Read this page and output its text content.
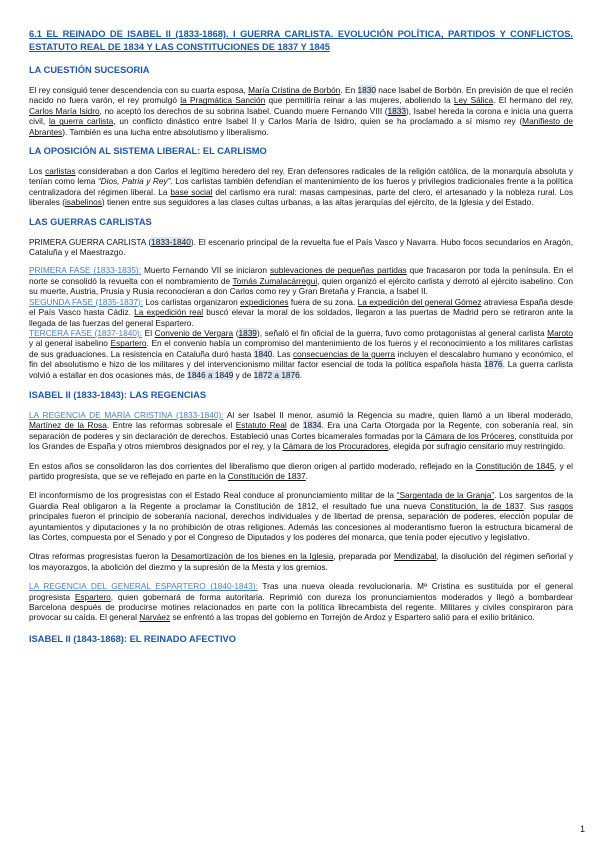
6.1 EL REINADO DE ISABEL II (1833-1868). I GUERRA CARLISTA. EVOLUCIÓN POLÍTICA, PARTIDOS Y CONFLICTOS. ESTATUTO REAL DE 1834 Y LAS CONSTITUCIONES DE 1837 Y 1845

LA CUESTIÓN SUCESORIA

El rey consiguió tener descendencia con su cuarta esposa, María Cristina de Borbón. En 1830 nace Isabel de Borbón. En previsión de que el recién nacido no fuera varón, el rey promulgó la Pragmática Sanción que permitiría reinar a las mujeres, aboliendo la Ley Sálica. El hermano del rey, Carlos María Isidro, no aceptó los derechos de su sobrina Isabel. Cuando muere Fernando VIII (1833), Isabel hereda la corona e inicia una guerra civil, la guerra carlista, un conflicto dinástico entre Isabel II y Carlos María de Isidro, quien se ha proclamado a sí mismo rey (Manifiesto de Abrantes). También es una lucha entre absolutismo y liberalismo.

LA OPOSICIÓN AL SISTEMA LIBERAL: EL CARLISMO

Los carlistas consideraban a don Carlos el legítimo heredero del rey. Eran defensores radicales de la religión católica, de la monarquía absoluta y tenían como lema “Dios, Patria y Rey”. Los carlistas también defendían el mantenimiento de los fueros y privilegios tradicionales frente a la política centralizadora del régimen liberal. La base social del carlismo era rural: masas campesinas, parte del clero, el artesanado y la nobleza rural. Los liberales (isabelinos) tienen entre sus seguidores a las clases cultas urbanas, a las altas jerarquías del ejército, de la Iglesia y del Estado.

LAS GUERRAS CARLISTAS

PRIMERA GUERRA CARLISTA (1833-1840). El escenario principal de la revuelta fue el País Vasco y Navarra. Hubo focos secundarios en Aragón, Cataluña y el Maestrazgo.

PRIMERA FASE (1833-1835): Muerto Fernando VII se iniciaron sublevaciones de pequeñas partidas que fracasaron por toda la península. En el norte se consolidó la revuelta con el nombramiento de Tomás Zumalacárregui, quien organizó el ejército carlista y derrotó al ejército isabelino. Con su muerte, Austria, Prusia y Rusia reconocieran a don Carlos como rey y Gran Bretaña y Francia, a Isabel II.
SEGUNDA FASE (1835-1837): Los carlistas organizaron expediciones fuera de su zona. La expedición del general Gómez atraviesa España desde el País Vasco hasta Cádiz. La expedición real buscó elevar la moral de los soldados, llegaron a las puertas de Madrid pero se retiraron ante la llegada de las fuerzas del general Espartero.
TERCERA FASE (1837-1840): El Convenio de Vergara (1839), señaló el fin oficial de la guerra, fuvo como protagonistas al general carlista Maroto y al general isabelino Espartero. En el convenio había un compromiso del mantenimiento de los fueros y el reconocimiento a los militares carlistas de sus graduaciones. La resistencia en Cataluña duró hasta 1840. Las consecuencias de la guerra incluyen el descalabro humano y económico, el fin del absolutismo e hizo de los militares y del intervencionismo militar factor esencial de toda la política española hasta 1876. La guerra carlista volvió a estallar en dos ocasiones más, de 1846 a 1849 y de 1872 a 1876.

ISABEL II (1833-1843): LAS REGENCIAS

LA REGENCIA DE MARÍA CRISTINA (1833-1840): Al ser Isabel II menor, asumió la Regencia su madre, quien llamó a un liberal moderado, Martínez de la Rosa. Entre las reformas sobresale el Estatuto Real de 1834. Era una Carta Otorgada por la Regente, con soberanía real, sin separación de poderes y sin declaración de derechos. Estableció unas Cortes bicamerales formadas por la Cámara de los Próceres, constituida por los Grandes de España y otros miembros designados por el rey, y la Cámara de los Procuradores, elegida por sufragio censitario muy restringido.

En estos años se consolidaron las dos corrientes del liberalismo que dieron origen al partido moderado, reflejado en la Constitución de 1845, y el partido progresista, que se ve reflejado en parte en la Constitución de 1837.

El inconformismo de los progresistas con el Estado Real conduce al pronunciamiento militar de la “Sargentada de la Granja”. Los sargentos de la Guardia Real obligaron a la Regente a proclamar la Constitución de 1812, el resultado fue una nueva Constitución, la de 1837. Sus rasgos principales fueron el principio de soberanía nacional, derechos individuales y de libertad de prensa, separación de poderes, elección popular de ayuntamientos y diputaciones y la no prohibición de otras religiones. Además las concesiones al moderantismo fueron la estructura bicameral de las Cortes, compuesta por el Senado y por el Congreso de Diputados y los poderes del monarca, que tenía poder ejecutivo y legislativo.

Otras reformas progresistas fueron la Desamortización de los bienes en la Iglesia, preparada por Mendizabal, la disolución del régimen señorial y los mayorazgos, la abolición del diezmo y la supresión de la Mesta y los gremios.

LA REGENCIA DEL GENERAL ESPARTERO (1840-1843): Tras una nueva oleada revolucionaria. Mª Cristina es sustituida por el general progresista Espartero, quien gobernará de forma autoritaria. Reprimió con dureza los pronunciamientos moderados y llegó a bombardear Barcelona después de producirse motines relacionados en parte con la política librecambista del regente. Militares y civiles conspiraron para provocar su caída. El general Narváez se enfrentó a las tropas del gobierno en Torrejón de Ardoz y Espartero salió para el exilio británico.

ISABEL II (1843-1868): EL REINADO AFECTIVO

1
